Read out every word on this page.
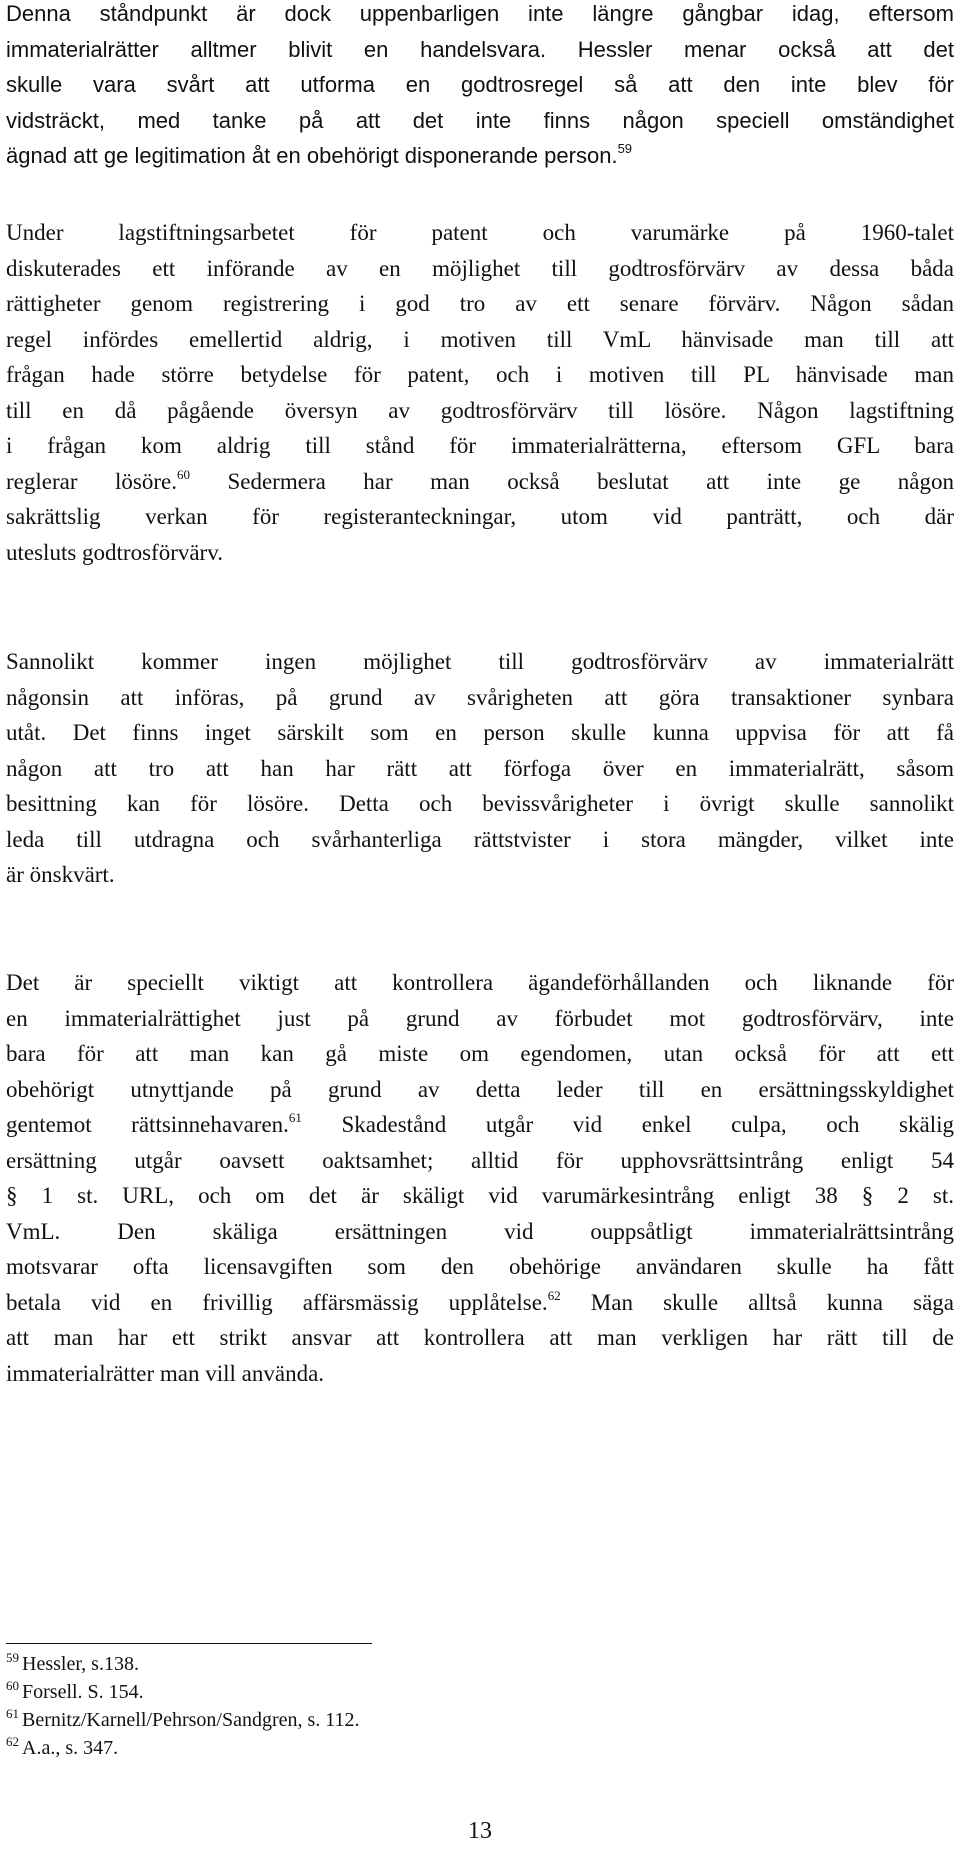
Denna ståndpunkt är dock uppenbarligen inte längre gångbar idag, eftersom
immaterialrätter alltmer blivit en handelsvara. Hessler menar också att det
skulle vara svårt att utforma en godtrosregel så att den inte blev för
vidsträckt, med tanke på att det inte finns någon speciell omständighet
ägnad att ge legitimation åt en obehörigt disponerande person.$^{59}$
Under lagstiftningsarbetet för patent och varumärke på 1960-talet
diskuterades ett införande av en möjlighet till godtrosförvärv av dessa båda
rättigheter genom registrering i god tro av ett senare förvärv. Någon sådan
regel infördes emellertid aldrig, i motiven till VmL hänvisade man till att
frågan hade större betydelse för patent, och i motiven till PL hänvisade man
till en då pågående översyn av godtrosförvärv till lösöre. Någon lagstiftning
i frågan kom aldrig till stånd för immaterialrätterna, eftersom GFL bara
reglerar lösöre.$^{60}$ Sedermera har man också beslutat att inte ge någon
sakrättslig verkan för registeranteckningar, utom vid panträtt, och där
utesluts godtrosförvärv.
Sannolikt kommer ingen möjlighet till godtrosförvärv av immaterialrätt
någonsin att införas, på grund av svårigheten att göra transaktioner synbara
utåt. Det finns inget särskilt som en person skulle kunna uppvisa för att få
någon att tro att han har rätt att förfoga över en immaterialrätt, såsom
besittning kan för lösöre. Detta och bevissvårigheter i övrigt skulle sannolikt
leda till utdragna och svårhanterliga rättstvister i stora mängder, vilket inte
är önskvärt.
Det är speciellt viktigt att kontrollera ägandeförhållanden och liknande för
en immaterialrättighet just på grund av förbudet mot godtrosförvärv, inte
bara för att man kan gå miste om egendomen, utan också för att ett
obehörigt utnyttjande på grund av detta leder till en ersättningsskyldighet
gentemot rättsinnehavaren.$^{61}$ Skadestånd utgår vid enkel culpa, och skälig
ersättning utgår oavsett oaktsamhet; alltid för upphovsrättsintrång enligt 54
§ 1 st. URL, och om det är skäligt vid varumärkesintrång enligt 38 § 2 st.
VmL. Den skäliga ersättningen vid ouppsåtligt immaterialrättsintrång
motsvarar ofta licensavgiften som den obehörige användaren skulle ha fått
betala vid en frivillig affärsmässig upplåtelse.$^{62}$ Man skulle alltså kunna säga
att man har ett strikt ansvar att kontrollera att man verkligen har rätt till de
immaterialrätter man vill använda.
$^{59}$ Hessler, s.138.
$^{60}$ Forsell. S. 154.
$^{61}$ Bernitz/Karnell/Pehrson/Sandgren, s. 112.
$^{62}$ A.a., s. 347.
13
